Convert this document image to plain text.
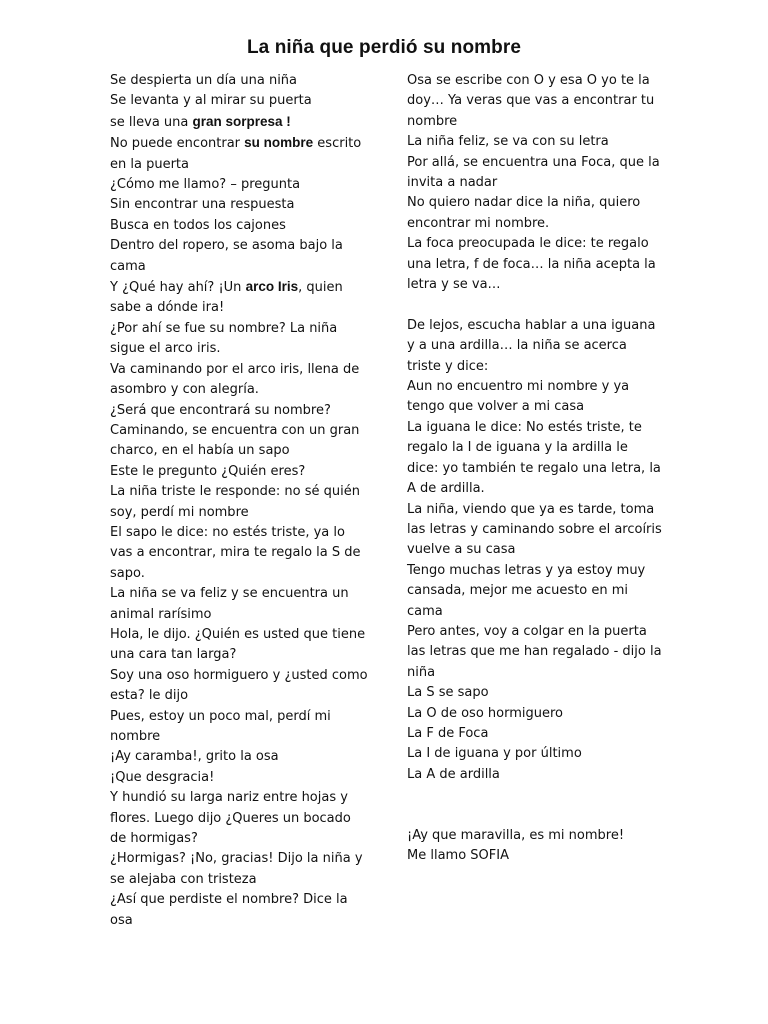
La niña que perdió su nombre
Se despierta un día una niña
Se levanta y al mirar su puerta
se lleva una gran sorpresa !
No puede encontrar su nombre escrito en la puerta
¿Cómo me llamo? – pregunta
Sin encontrar una respuesta
Busca en todos los cajones
Dentro del ropero, se asoma bajo la cama
Y ¿Qué hay ahí? ¡Un arco Iris, quien sabe a dónde ira!
¿Por ahí se fue su nombre? La niña sigue el arco iris.
Va caminando por el arco iris, llena de asombro y con alegría.
¿Será que encontrará su nombre?
Caminando, se encuentra con un gran charco, en el había un sapo
Este le pregunto ¿Quién eres?
La niña triste le responde: no sé quién soy, perdí mi nombre
El sapo le dice: no estés triste, ya lo vas a encontrar, mira te regalo la S de sapo.
La niña se va feliz y se encuentra un animal rarísimo
Hola, le dijo. ¿Quién es usted que tiene una cara tan larga?
Soy una oso hormiguero y ¿usted como esta? le dijo
Pues, estoy un poco mal, perdí mi nombre
¡Ay caramba!, grito la osa
¡Que desgracia!
Y hundió su larga nariz entre hojas y flores. Luego dijo ¿Queres un bocado de hormigas?
¿Hormigas? ¡No, gracias! Dijo la niña y se alejaba con tristeza
¿Así que perdiste el nombre? Dice la osa
Osa se escribe con O y esa O yo te la doy… Ya veras que vas a encontrar tu nombre
La niña feliz, se va con su letra
Por allá, se encuentra una Foca, que la invita a nadar
No quiero nadar dice la niña, quiero encontrar mi nombre.
La foca preocupada le dice: te regalo una letra, f de foca… la niña acepta la letra y se va…
De lejos, escucha hablar a una iguana y a una ardilla… la niña se acerca triste y dice:
Aun no encuentro mi nombre y ya tengo que volver a mi casa
La iguana le dice: No estés triste, te regalo la I de iguana y la ardilla le dice: yo también te regalo una letra, la A de ardilla.
La niña, viendo que ya es tarde, toma las letras y caminando sobre el arcoíris vuelve a su casa
Tengo muchas letras y ya estoy muy cansada, mejor me acuesto en mi cama
Pero antes, voy a colgar en la puerta las letras que me han regalado - dijo la niña
La S se sapo
La O de oso hormiguero
La F de Foca
La I de iguana y por último
La A de ardilla
¡Ay que maravilla, es mi nombre!
Me llamo SOFIA
